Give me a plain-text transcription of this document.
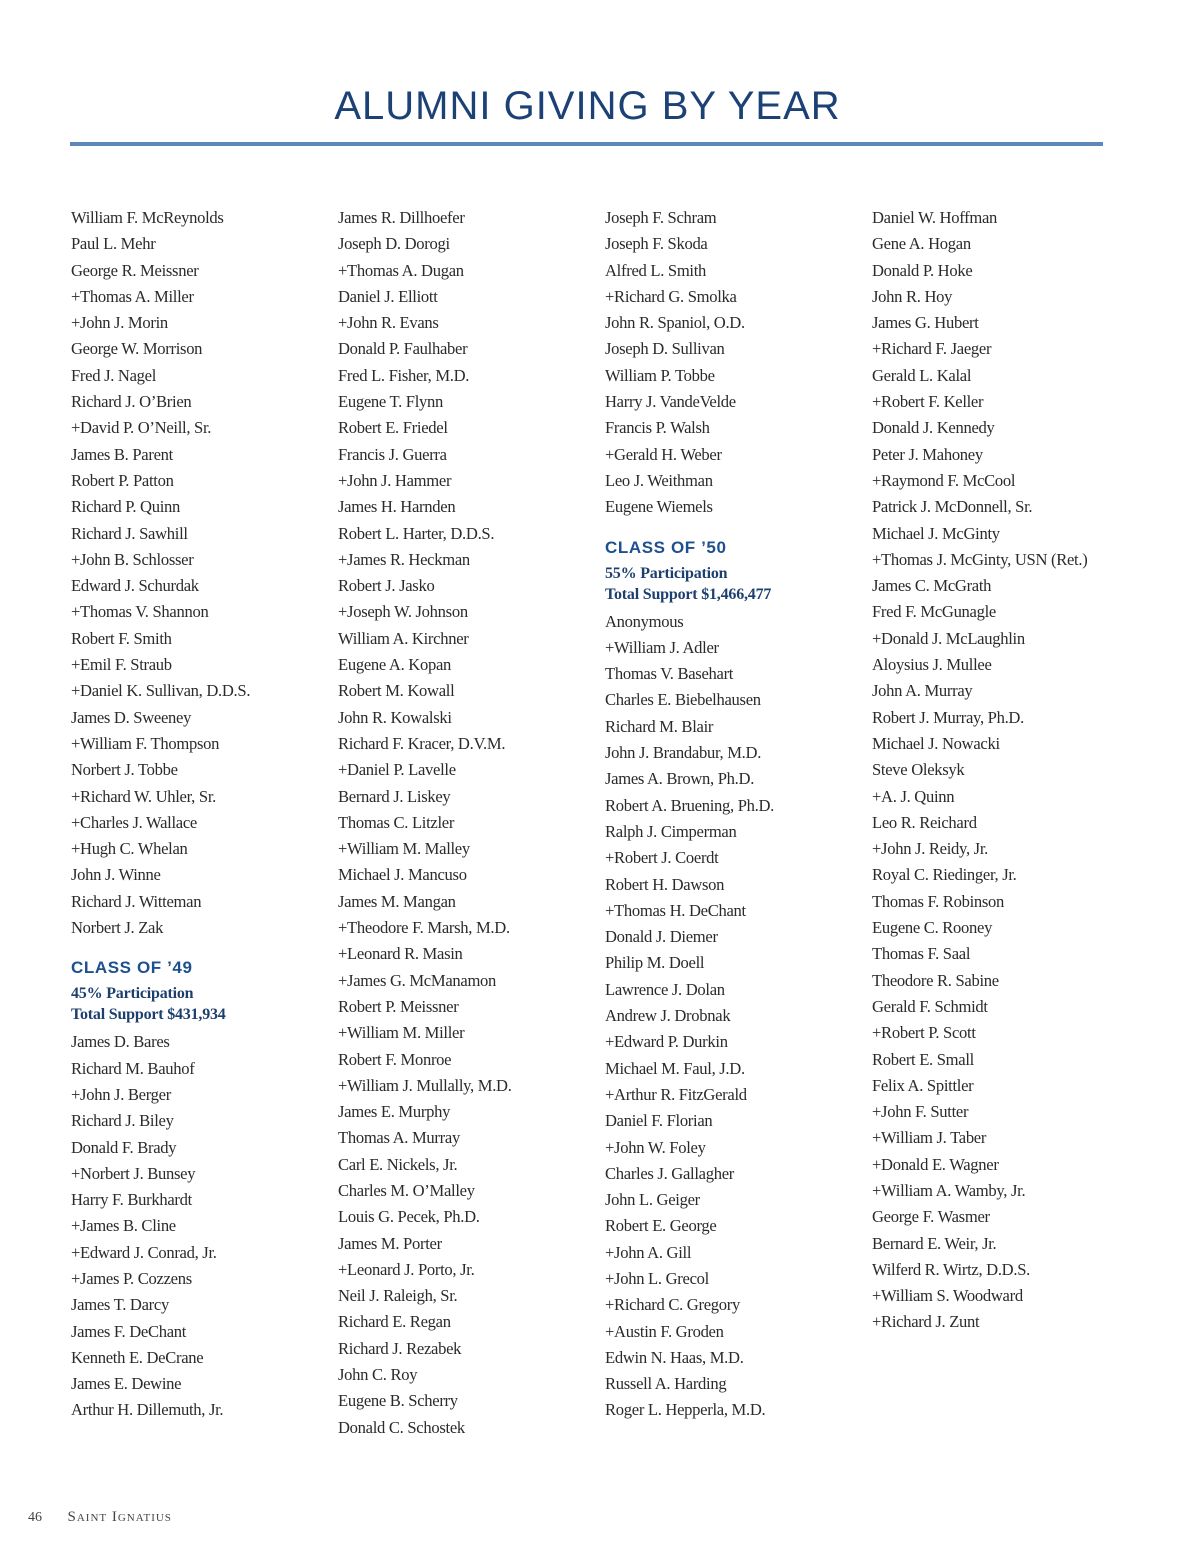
ALUMNI GIVING BY YEAR
William F. McReynolds
Paul L. Mehr
George R. Meissner
+Thomas A. Miller
+John J. Morin
George W. Morrison
Fred J. Nagel
Richard J. O’Brien
+David P. O’Neill, Sr.
James B. Parent
Robert P. Patton
Richard P. Quinn
Richard J. Sawhill
+John B. Schlosser
Edward J. Schurdak
+Thomas V. Shannon
Robert F. Smith
+Emil F. Straub
+Daniel K. Sullivan, D.D.S.
James D. Sweeney
+William F. Thompson
Norbert J. Tobbe
+Richard W. Uhler, Sr.
+Charles J. Wallace
+Hugh C. Whelan
John J. Winne
Richard J. Witteman
Norbert J. Zak
CLASS OF ’49
45% Participation
Total Support $431,934
James D. Bares
Richard M. Bauhof
+John J. Berger
Richard J. Biley
Donald F. Brady
+Norbert J. Bunsey
Harry F. Burkhardt
+James B. Cline
+Edward J. Conrad, Jr.
+James P. Cozzens
James T. Darcy
James F. DeChant
Kenneth E. DeCrane
James E. Dewine
Arthur H. Dillemuth, Jr.
James R. Dillhoefer
Joseph D. Dorogi
+Thomas A. Dugan
Daniel J. Elliott
+John R. Evans
Donald P. Faulhaber
Fred L. Fisher, M.D.
Eugene T. Flynn
Robert E. Friedel
Francis J. Guerra
+John J. Hammer
James H. Harnden
Robert L. Harter, D.D.S.
+James R. Heckman
Robert J. Jasko
+Joseph W. Johnson
William A. Kirchner
Eugene A. Kopan
Robert M. Kowall
John R. Kowalski
Richard F. Kracer, D.V.M.
+Daniel P. Lavelle
Bernard J. Liskey
Thomas C. Litzler
+William M. Malley
Michael J. Mancuso
James M. Mangan
+Theodore F. Marsh, M.D.
+Leonard R. Masin
+James G. McManamon
Robert P. Meissner
+William M. Miller
Robert F. Monroe
+William J. Mullally, M.D.
James E. Murphy
Thomas A. Murray
Carl E. Nickels, Jr.
Charles M. O’Malley
Louis G. Pecek, Ph.D.
James M. Porter
+Leonard J. Porto, Jr.
Neil J. Raleigh, Sr.
Richard E. Regan
Richard J. Rezabek
John C. Roy
Eugene B. Scherry
Donald C. Schostek
Joseph F. Schram
Joseph F. Skoda
Alfred L. Smith
+Richard G. Smolka
John R. Spaniol, O.D.
Joseph D. Sullivan
William P. Tobbe
Harry J. VandeVelde
Francis P. Walsh
+Gerald H. Weber
Leo J. Weithman
Eugene Wiemels
CLASS OF ’50
55% Participation
Total Support $1,466,477
Anonymous
+William J. Adler
Thomas V. Basehart
Charles E. Biebelhausen
Richard M. Blair
John J. Brandabur, M.D.
James A. Brown, Ph.D.
Robert A. Bruening, Ph.D.
Ralph J. Cimperman
+Robert J. Coerdt
Robert H. Dawson
+Thomas H. DeChant
Donald J. Diemer
Philip M. Doell
Lawrence J. Dolan
Andrew J. Drobnak
+Edward P. Durkin
Michael M. Faul, J.D.
+Arthur R. FitzGerald
Daniel F. Florian
+John W. Foley
Charles J. Gallagher
John L. Geiger
Robert E. George
+John A. Gill
+John L. Grecol
+Richard C. Gregory
+Austin F. Groden
Edwin N. Haas, M.D.
Russell A. Harding
Roger L. Hepperla, M.D.
Daniel W. Hoffman
Gene A. Hogan
Donald P. Hoke
John R. Hoy
James G. Hubert
+Richard F. Jaeger
Gerald L. Kalal
+Robert F. Keller
Donald J. Kennedy
Peter J. Mahoney
+Raymond F. McCool
Patrick J. McDonnell, Sr.
Michael J. McGinty
+Thomas J. McGinty, USN (Ret.)
James C. McGrath
Fred F. McGunagle
+Donald J. McLaughlin
Aloysius J. Mullee
John A. Murray
Robert J. Murray, Ph.D.
Michael J. Nowacki
Steve Oleksyk
+A. J. Quinn
Leo R. Reichard
+John J. Reidy, Jr.
Royal C. Riedinger, Jr.
Thomas F. Robinson
Eugene C. Rooney
Thomas F. Saal
Theodore R. Sabine
Gerald F. Schmidt
+Robert P. Scott
Robert E. Small
Felix A. Spittler
+John F. Sutter
+William J. Taber
+Donald E. Wagner
+William A. Wamby, Jr.
George F. Wasmer
Bernard E. Weir, Jr.
Wilferd R. Wirtz, D.D.S.
+William S. Woodward
+Richard J. Zunt
46 Saint Ignatius
